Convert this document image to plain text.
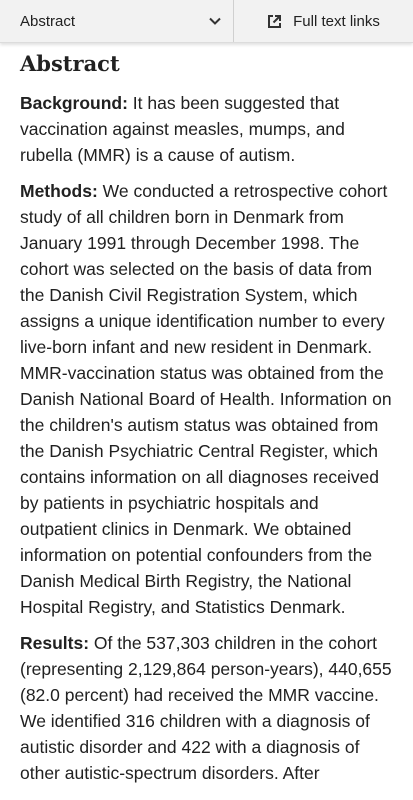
Abstract	Full text links
Abstract

Background: It has been suggested that vaccination against measles, mumps, and rubella (MMR) is a cause of autism.

Methods: We conducted a retrospective cohort study of all children born in Denmark from January 1991 through December 1998. The cohort was selected on the basis of data from the Danish Civil Registration System, which assigns a unique identification number to every live-born infant and new resident in Denmark. MMR-vaccination status was obtained from the Danish National Board of Health. Information on the children's autism status was obtained from the Danish Psychiatric Central Register, which contains information on all diagnoses received by patients in psychiatric hospitals and outpatient clinics in Denmark. We obtained information on potential confounders from the Danish Medical Birth Registry, the National Hospital Registry, and Statistics Denmark.

Results: Of the 537,303 children in the cohort (representing 2,129,864 person-years), 440,655 (82.0 percent) had received the MMR vaccine. We identified 316 children with a diagnosis of autistic disorder and 422 with a diagnosis of other autistic-spectrum disorders. After
